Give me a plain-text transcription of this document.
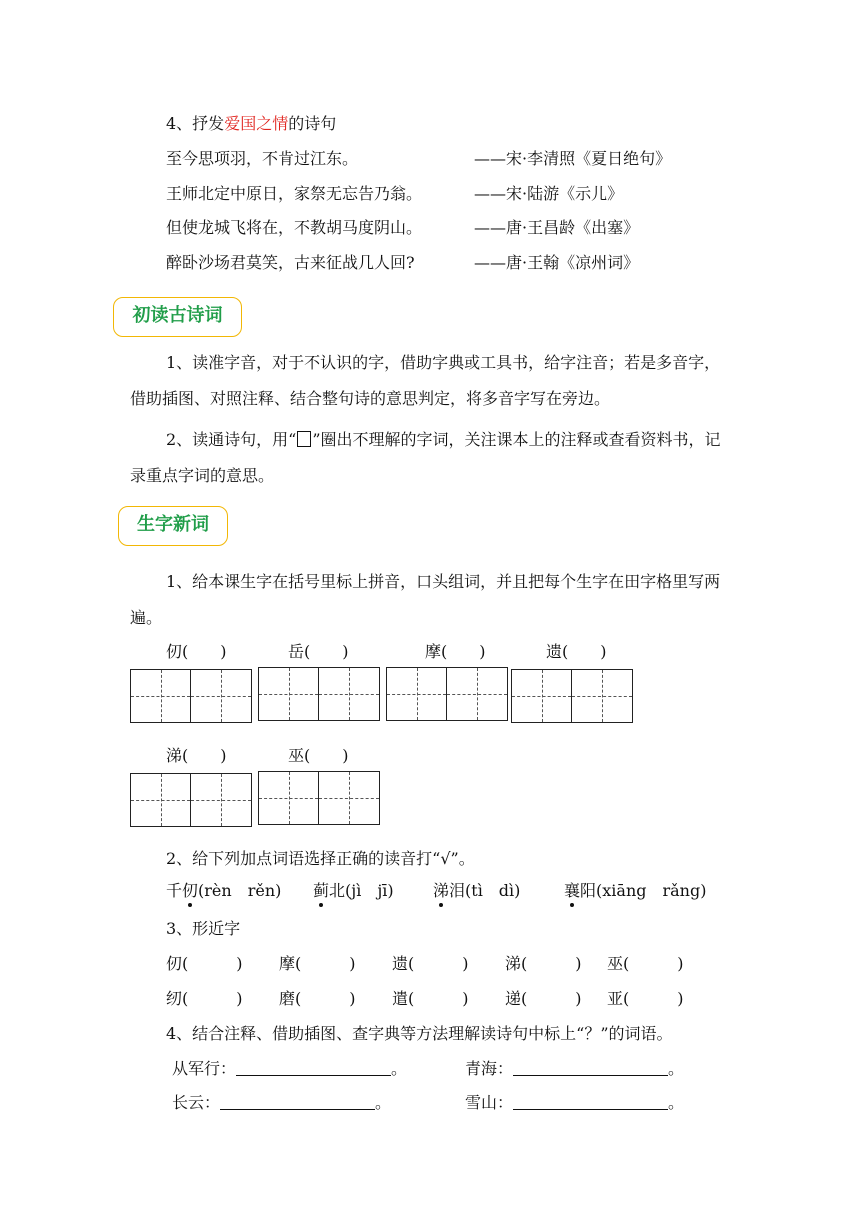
4、抒发爱国之情的诗句
至今思项羽，不肯过江东。	——宋·李清照《夏日绝句》
王师北定中原日，家祭无忘告乃翁。	——宋·陆游《示儿》
但使龙城飞将在，不教胡马度阴山。	——唐·王昌龄《出塞》
醉卧沙场君莫笑，古来征战几人回?	——唐·王翰《凉州词》
初读古诗词
1、读准字音，对于不认识的字，借助字典或工具书，给字注音；若是多音字，借助插图、对照注释、结合整句诗的意思判定，将多音字写在旁边。
2、读通诗句，用“ ”圈出不理解的字词，关注课本上的注释或查看资料书，记录重点字词的意思。
生字新词
1、给本课生字在括号里标上拼音，口头组词，并且把每个生字在田字格里写两遍。
仞(　　)	岳(　　)	摩(　　)	遗(　　)
涕(　　)	巫(　　)
2、给下列加点词语选择正确的读音打“√”。
千仞(rèn　rěn) 蓟北(jì　jī) 涕泪(tì　dì)	襄阳(xiāng　rǎng)
3、形近字
仞(　　　) 摩(　　　) 遗(　　　) 涕(　　　) 巫(　　　)
纫(　　　) 磨(　　　) 遣(　　　) 递(　　　) 亚(　　　)
4、结合注释、借助插图、查字典等方法理解读诗句中标上“？”的词语。
从军行：	。	青海：	。
长云：	。	雪山：	。
